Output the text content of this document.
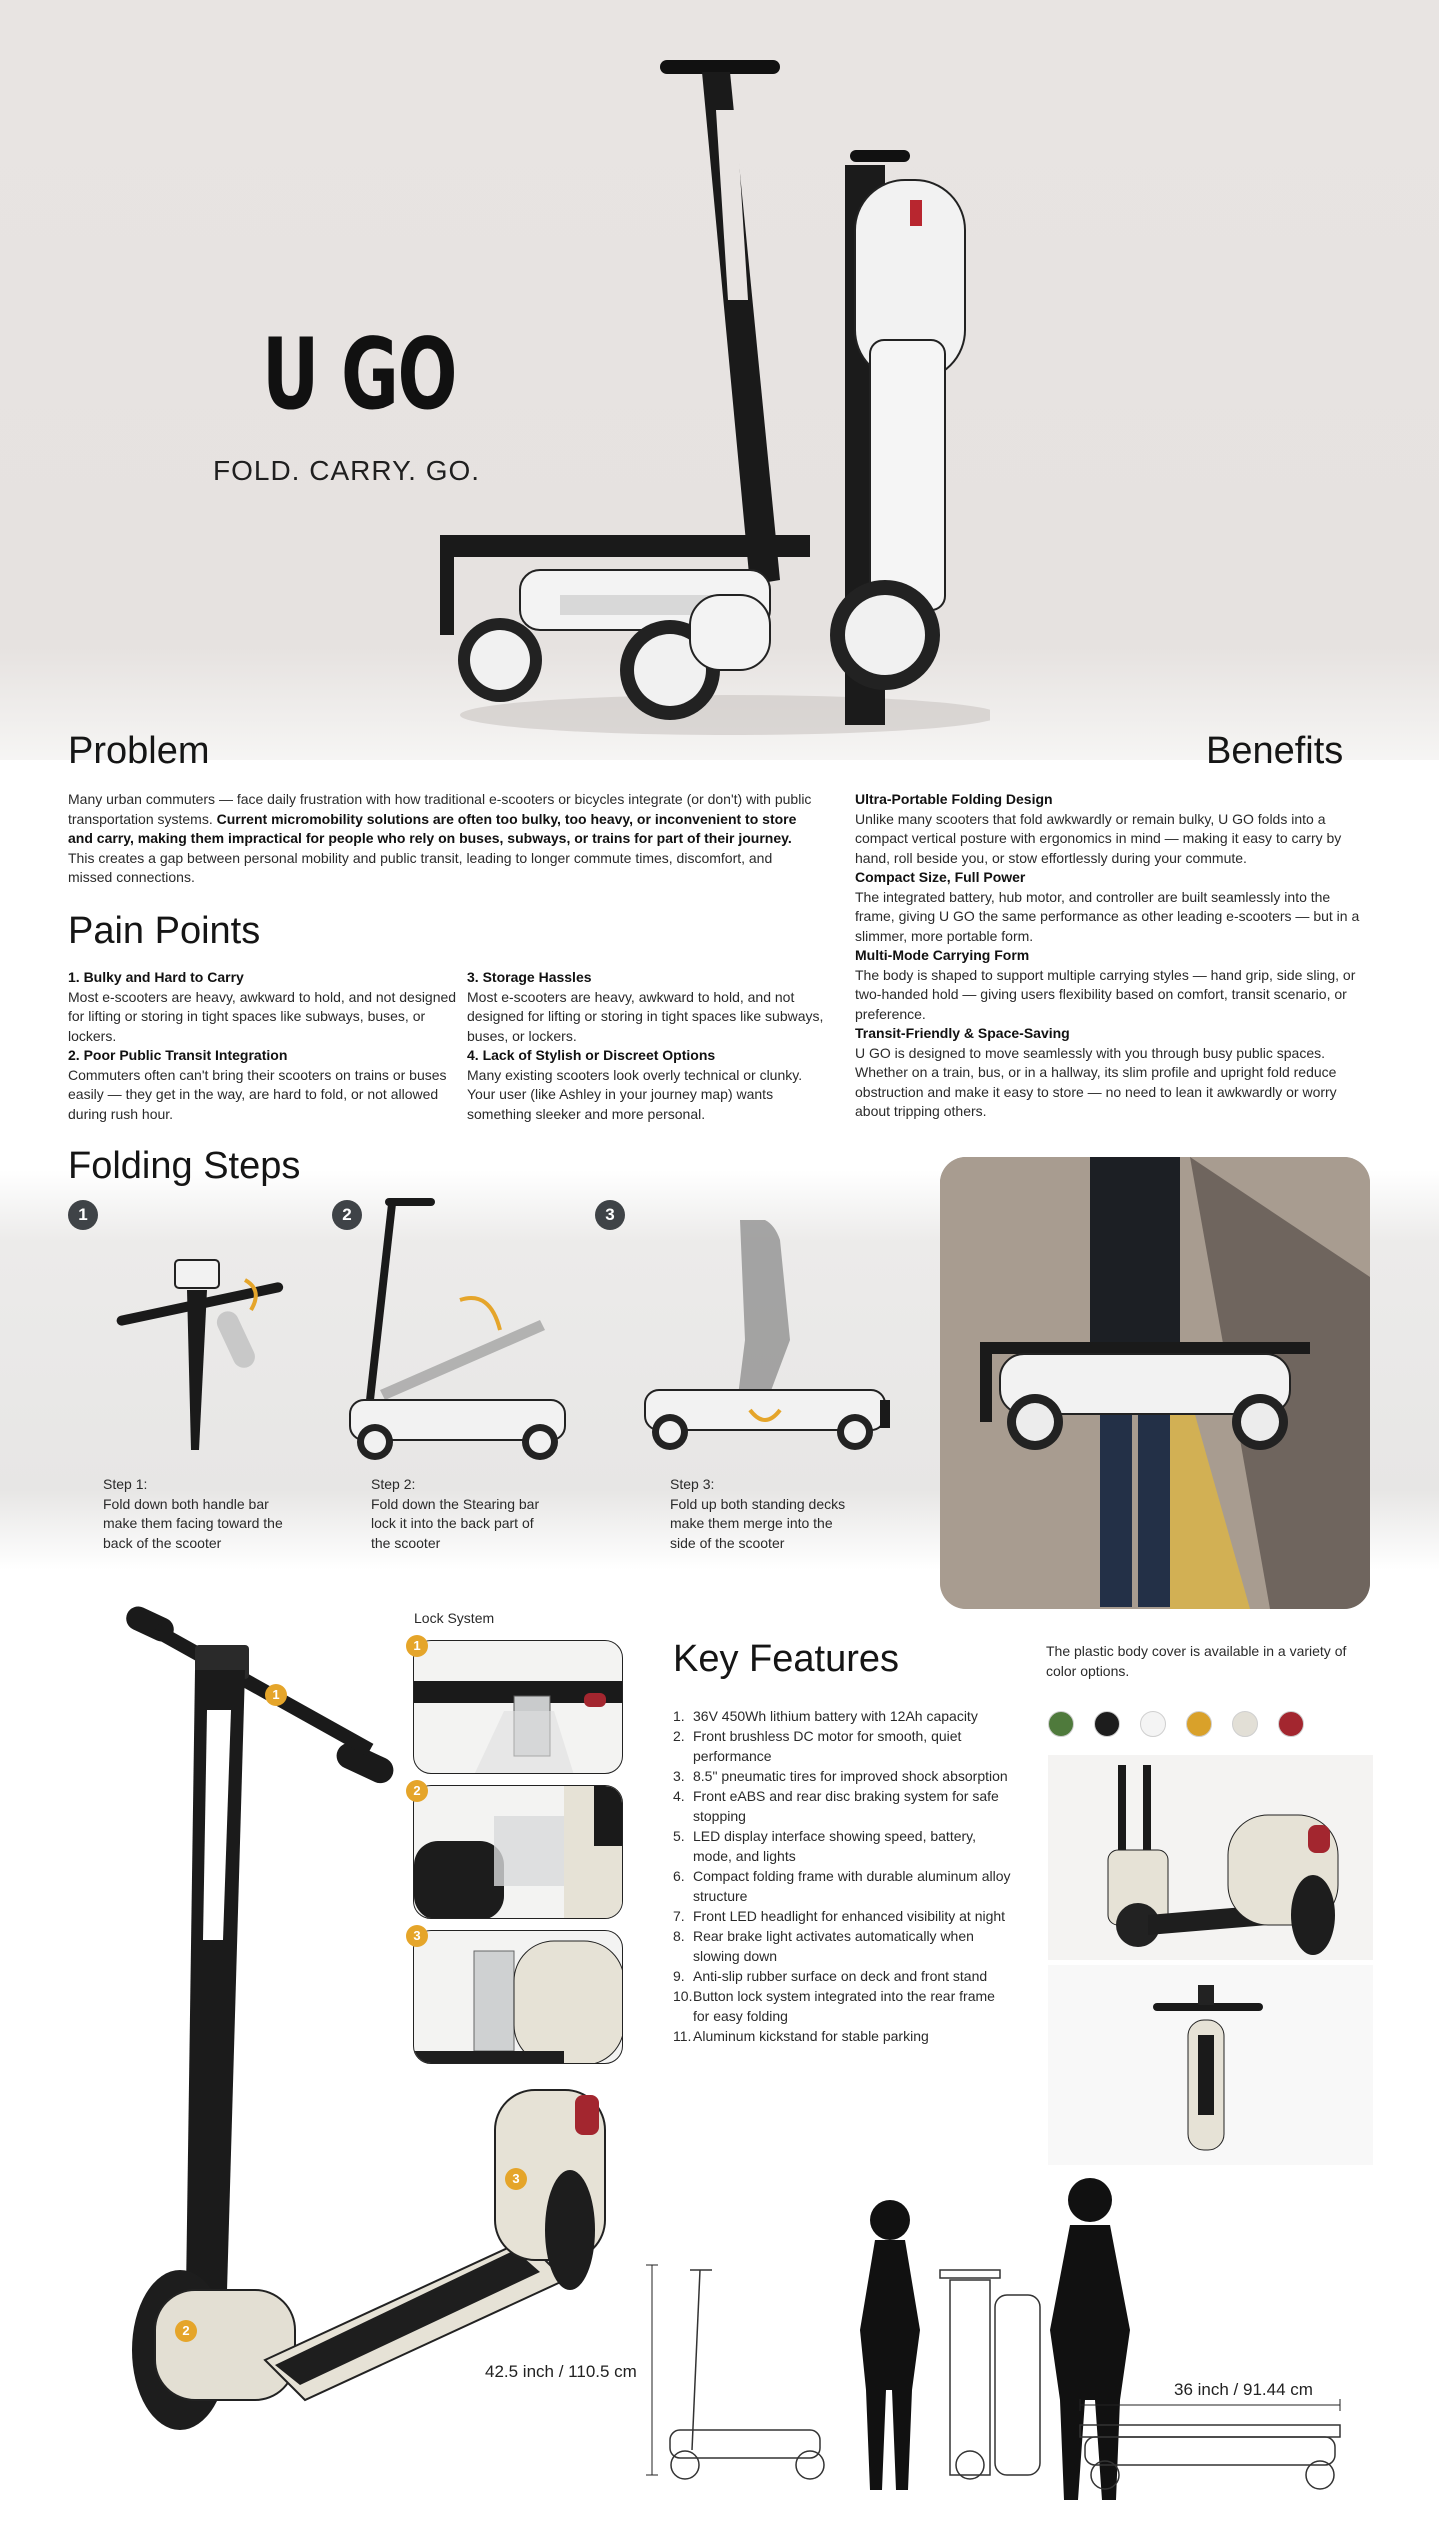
U GO
FOLD. CARRY. GO.
Problem
Many urban commuters — face daily frustration with how traditional e-scooters or bicycles integrate (or don't) with public transportation systems. Current micromobility solutions are often too bulky, too heavy, or inconvenient to store and carry, making them impractical for people who rely on buses, subways, or trains for part of their journey. This creates a gap between personal mobility and public transit, leading to longer commute times, discomfort, and missed connections.
Benefits
Ultra-Portable Folding Design
Unlike many scooters that fold awkwardly or remain bulky, U GO folds into a compact vertical posture with ergonomics in mind — making it easy to carry by hand, roll beside you, or stow effortlessly during your commute.
Compact Size, Full Power
The integrated battery, hub motor, and controller are built seamlessly into the frame, giving U GO the same performance as other leading e-scooters — but in a slimmer, more portable form.
Multi-Mode Carrying Form
The body is shaped to support multiple carrying styles — hand grip, side sling, or two-handed hold — giving users flexibility based on comfort, transit scenario, or preference.
Transit-Friendly & Space-Saving
U GO is designed to move seamlessly with you through busy public spaces. Whether on a train, bus, or in a hallway, its slim profile and upright fold reduce obstruction and make it easy to store — no need to lean it awkwardly or worry about tripping others.
Pain Points
1. Bulky and Hard to Carry
Most e-scooters are heavy, awkward to hold, and not designed for lifting or storing in tight spaces like subways, buses, or lockers.
2. Poor Public Transit Integration
Commuters often can't bring their scooters on trains or buses easily — they get in the way, are hard to fold, or not allowed during rush hour.
3. Storage Hassles
Most e-scooters are heavy, awkward to hold, and not designed for lifting or storing in tight spaces like subways, buses, or lockers.
4. Lack of Stylish or Discreet Options
Many existing scooters look overly technical or clunky. Your user (like Ashley in your journey map) wants something sleeker and more personal.
Folding Steps
1	2	3
Step 1:
Fold down both handle bar make them facing toward the back of the scooter
Step 2:
Fold down the Stearing bar lock it into the back part of the scooter
Step 3:
Fold up both standing decks make them merge into the side of the scooter
1
2
3
Lock System
1
2
3
Key Features
1. 36V 450Wh lithium battery with 12Ah capacity
2. Front brushless DC motor for smooth, quiet performance
3. 8.5" pneumatic tires for improved shock absorption
4. Front eABS and rear disc braking system for safe stopping
5. LED display interface showing speed, battery, mode, and lights
6. Compact folding frame with durable aluminum alloy structure
7. Front LED headlight for enhanced visibility at night
8. Rear brake light activates automatically when slowing down
9. Anti-slip rubber surface on deck and front stand
10. Button lock system integrated into the rear frame for easy folding
11. Aluminum kickstand for stable parking
The plastic body cover is available in a variety of color options.
42.5 inch / 110.5 cm
36 inch / 91.44 cm
